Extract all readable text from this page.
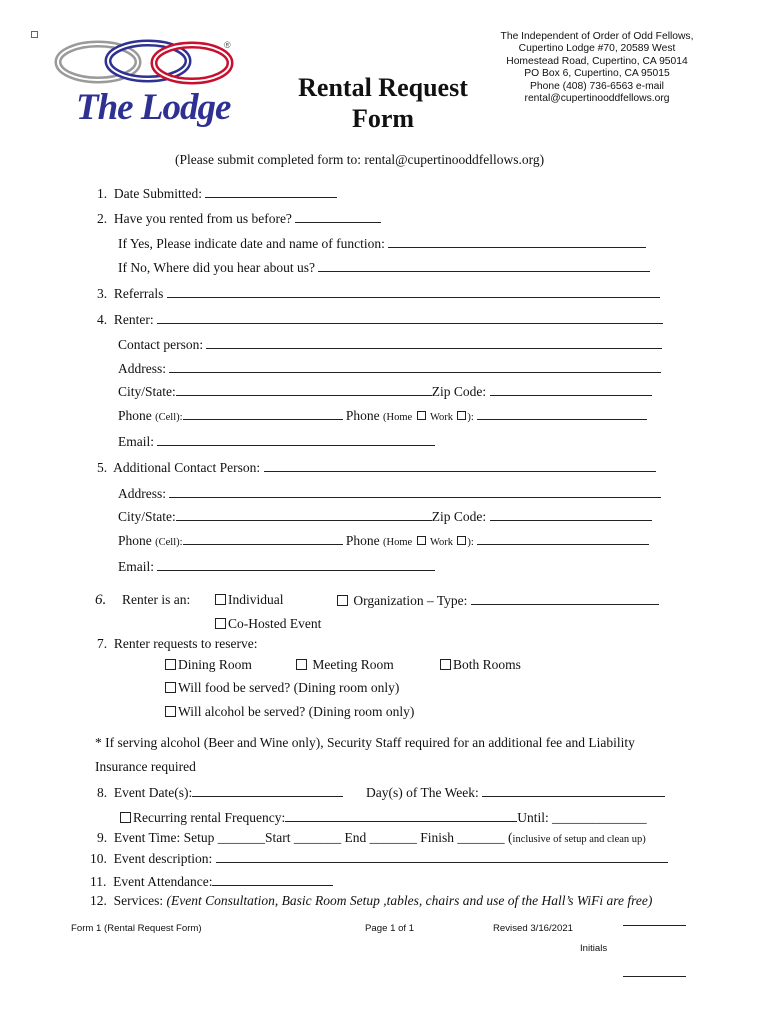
®
The Lodge	Rental Request
Form
The Independent of Order of Odd Fellows,
Cupertino Lodge #70, 20589 West
Homestead Road, Cupertino, CA 95014
PO Box 6, Cupertino, CA 95015
Phone (408) 736-6563 e-mail
rental@cupertinooddfellows.org
(Please submit completed form to: rental@cupertinooddfellows.org)
1. Date Submitted:
2. Have you rented from us before?
If Yes, Please indicate date and name of function:
If No, Where did you hear about us?
3. Referrals
4. Renter:
Contact person:
Address:
City/State:	Zip Code:
Phone (Cell):	Phone (Home Work ):
Email:
5. Additional Contact Person:
Address:
City/State:	Zip Code:
Phone (Cell):	Phone (Home Work ):
Email:
6. Renter is an:	Individual	Organization – Type:
Co-Hosted Event
7. Renter requests to reserve:
Dining Room	Meeting Room	Both Rooms
Will food be served? (Dining room only)
Will alcohol be served? (Dining room only)
* If serving alcohol (Beer and Wine only), Security Staff required for an additional fee and Liability
Insurance required
8. Event Date(s):	Day(s) of The Week:
Recurring rental Frequency:	Until: ______________
9. Event Time: Setup _______Start _______ End _______ Finish _______ (inclusive of setup and clean up)
10. Event description:
11. Event Attendance:
12. Services: (Event Consultation, Basic Room Setup ,tables, chairs and use of the Hall’s WiFi are free)
Form 1 (Rental Request Form)	Page 1 of 1	Revised 3/16/2021
Initials
